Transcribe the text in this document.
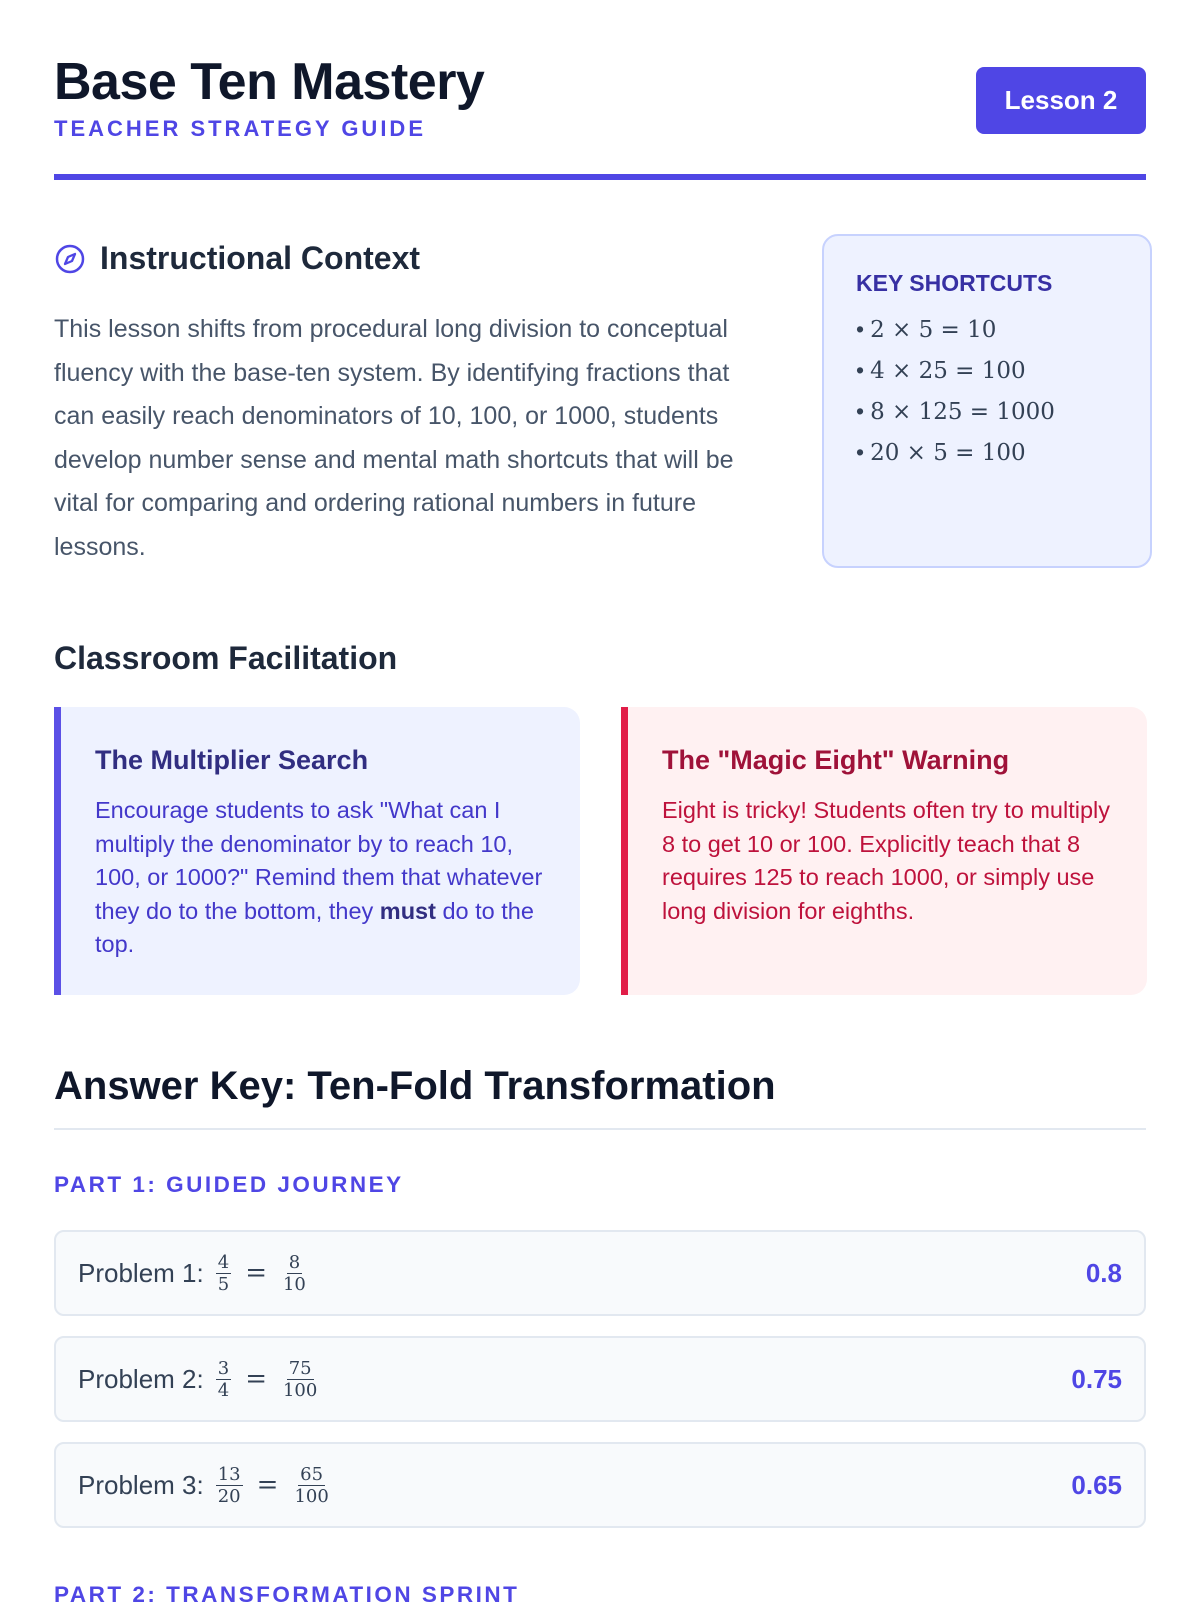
Base Ten Mastery
TEACHER STRATEGY GUIDE
Lesson 2
Instructional Context
This lesson shifts from procedural long division to conceptual fluency with the base-ten system. By identifying fractions that can easily reach denominators of 10, 100, or 1000, students develop number sense and mental math shortcuts that will be vital for comparing and ordering rational numbers in future lessons.
KEY SHORTCUTS
• 2 × 5 = 10
• 4 × 25 = 100
• 8 × 125 = 1000
• 20 × 5 = 100
Classroom Facilitation
The Multiplier Search

Encourage students to ask "What can I multiply the denominator by to reach 10, 100, or 1000?" Remind them that whatever they do to the bottom, they must do to the top.

The "Magic Eight" Warning

Eight is tricky! Students often try to multiply 8 to get 10 or 100. Explicitly teach that 8 requires 125 to reach 1000, or simply use long division for eighths.

Answer Key: Ten-Fold Transformation
PART 1: GUIDED JOURNEY
Problem 1: $\frac{4}{5} = \frac{8}{10}$	0.8
Problem 2: $\frac{3}{4} = \frac{75}{100}$	0.75
Problem 3: $\frac{13}{20} = \frac{65}{100}$	0.65
PART 2: TRANSFORMATION SPRINT
